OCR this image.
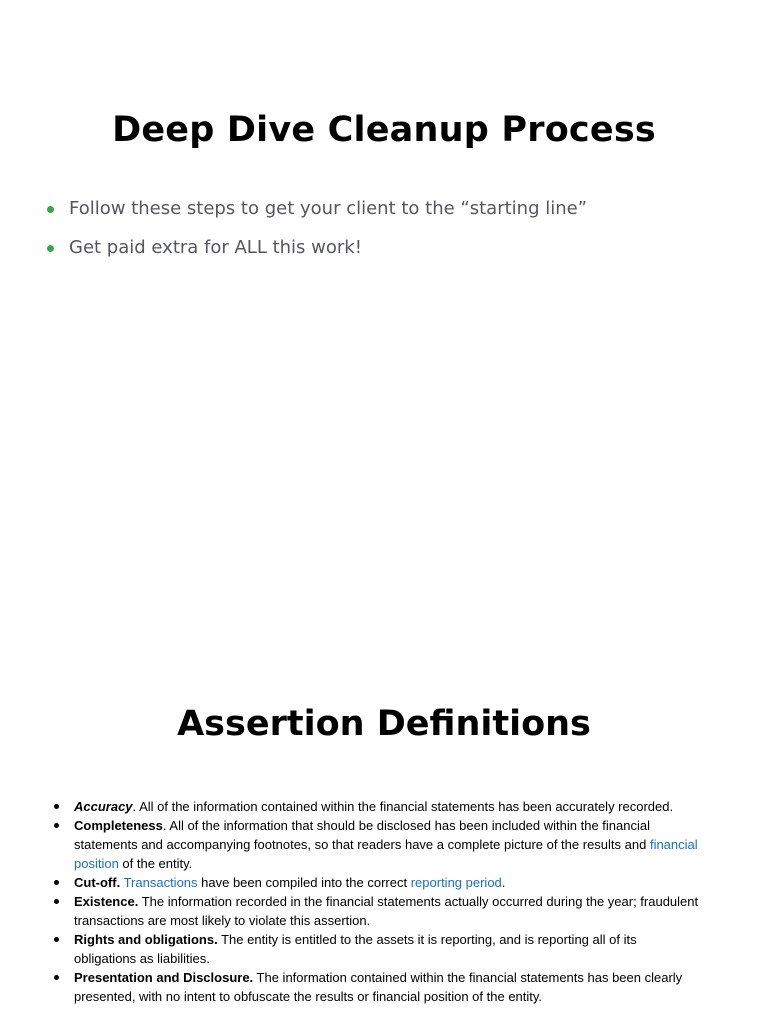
Deep Dive Cleanup Process
Follow these steps to get your client to the “starting line”
Get paid extra for ALL this work!
Assertion Definitions
Accuracy. All of the information contained within the financial statements has been accurately recorded.
Completeness. All of the information that should be disclosed has been included within the financial statements and accompanying footnotes, so that readers have a complete picture of the results and financial position of the entity.
Cut-off. Transactions have been compiled into the correct reporting period.
Existence. The information recorded in the financial statements actually occurred during the year; fraudulent transactions are most likely to violate this assertion.
Rights and obligations. The entity is entitled to the assets it is reporting, and is reporting all of its obligations as liabilities.
Presentation and Disclosure. The information contained within the financial statements has been clearly presented, with no intent to obfuscate the results or financial position of the entity.
